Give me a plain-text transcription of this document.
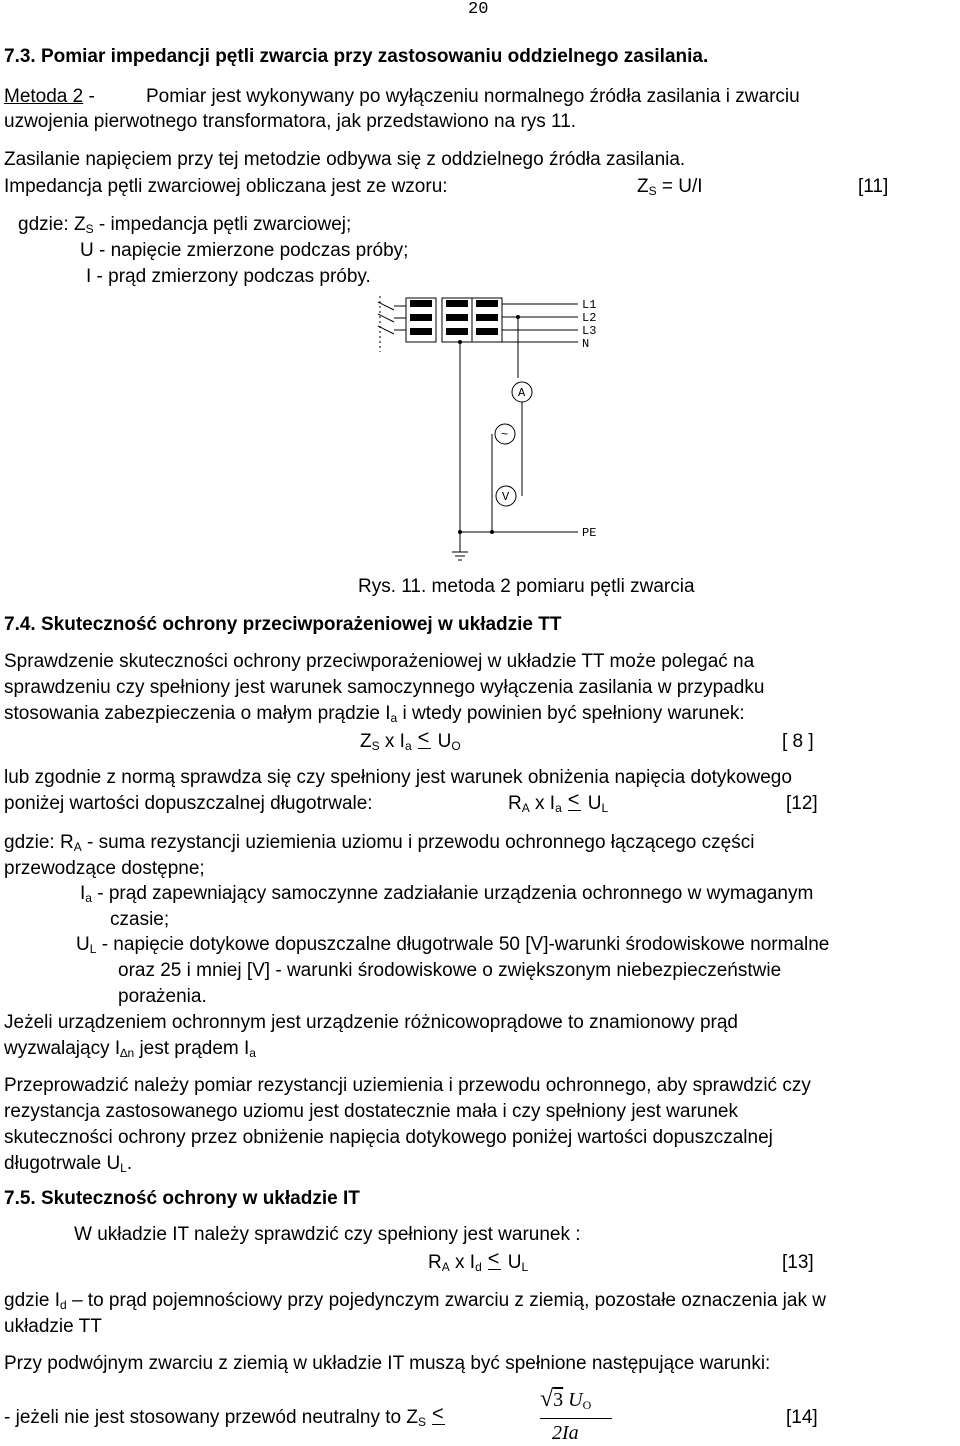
20
7.3. Pomiar impedancji pętli zwarcia przy zastosowaniu oddzielnego zasilania.
Metoda 2 -	Pomiar jest wykonywany po wyłączeniu normalnego źródła zasilania i zwarciu
uzwojenia pierwotnego transformatora, jak przedstawiono na rys 11.
Zasilanie napięciem przy tej metodzie odbywa się z oddzielnego źródła zasilania.
Impedancja pętli zwarciowej obliczana jest ze wzoru:	$Z_S = U/I$	[11]
gdzie: $Z_S$ - impedancja pętli zwarciowej;
U - napięcie zmierzone podczas próby;
I - prąd zmierzony podczas próby.
L1
L2
L3
N
PE
A
~
V
Rys. 11. metoda 2 pomiaru pętli zwarcia
7.4. Skuteczność ochrony przeciwporażeniowej w układzie TT
Sprawdzenie skuteczności ochrony przeciwporażeniowej w układzie TT może polegać na
sprawdzeniu czy spełniony jest warunek samoczynnego wyłączenia zasilania w przypadku
stosowania zabezpieczenia o małym prądzie $I_a$ i wtedy powinien być spełniony warunek:
$Z_S$ x $I_a < U_O$	[ 8 ]
lub zgodnie z normą sprawdza się czy spełniony jest warunek obniżenia napięcia dotykowego
poniżej wartości dopuszczalnej długotrwale:	$R_A$ x $I_a < U_L$	[12]
gdzie: $R_A$ - suma rezystancji uziemienia uziomu i przewodu ochronnego łączącego części
przewodzące dostępne;
$I_a$ - prąd zapewniający samoczynne zadziałanie urządzenia ochronnego w wymaganym
czasie;
$U_L$ - napięcie dotykowe dopuszczalne długotrwale 50 [V]-warunki środowiskowe normalne
oraz 25 i mniej [V] - warunki środowiskowe o zwiększonym niebezpieczeństwie
porażenia.
Jeżeli urządzeniem ochronnym jest urządzenie różnicowoprądowe to znamionowy prąd
wyzwalający $I_{\Delta n}$ jest prądem $I_a$
Przeprowadzić należy pomiar rezystancji uziemienia i przewodu ochronnego, aby sprawdzić czy
rezystancja zastosowanego uziomu jest dostatecznie mała i czy spełniony jest warunek
skuteczności ochrony przez obniżenie napięcia dotykowego poniżej wartości dopuszczalnej
długotrwale $U_L$.
7.5. Skuteczność ochrony w układzie IT
W układzie IT należy sprawdzić czy spełniony jest warunek :
$R_A$ x $I_d < U_L$	[13]
gdzie $I_d$ – to prąd pojemnościowy przy pojedynczym zwarciu z ziemią, pozostałe oznaczenia jak w
układzie TT
Przy podwójnym zwarciu z ziemią w układzie IT muszą być spełnione następujące warunki:
- jeżeli nie jest stosowany przewód neutralny to $Z_S<$
√3 $U_O$
2Ia
[14]
